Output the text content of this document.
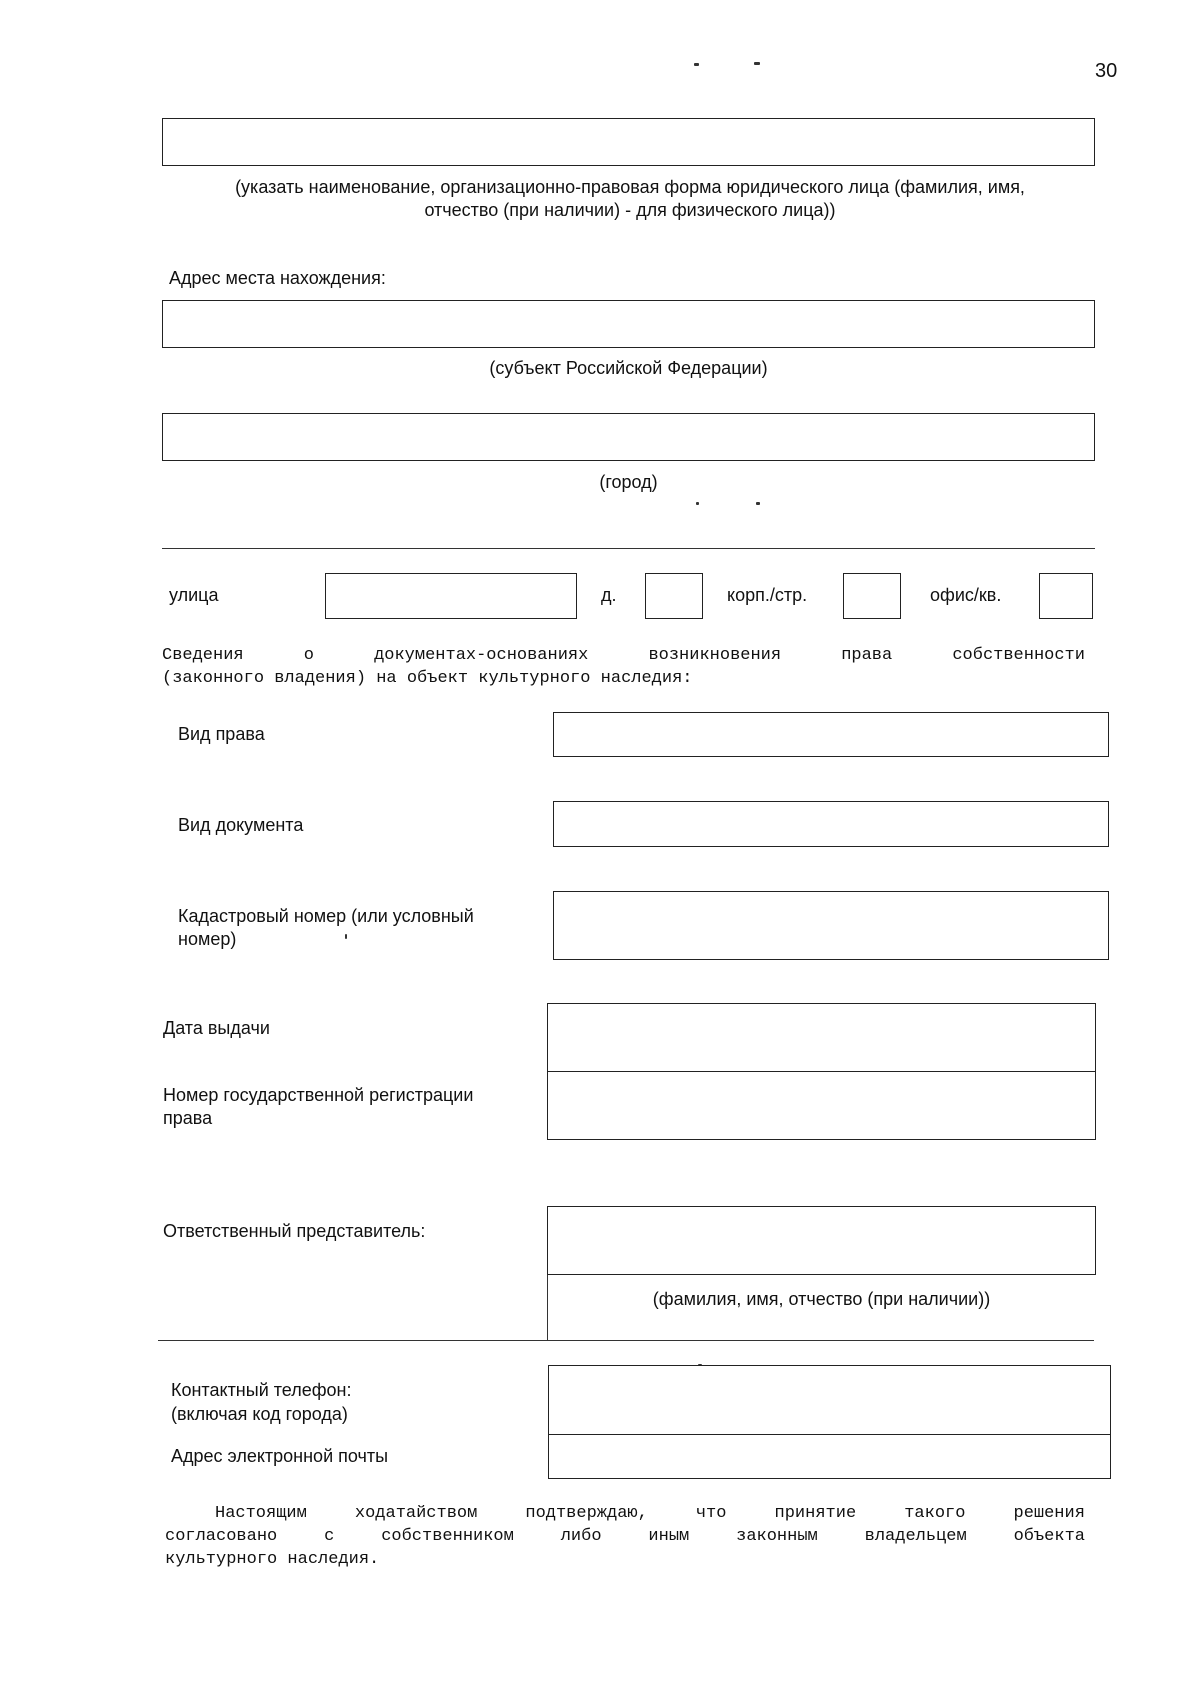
30
(указать наименование, организационно-правовая форма юридического лица (фамилия, имя,
отчество (при наличии) - для физического лица))
Адрес места нахождения:
(субъект Российской Федерации)
(город)
улица	д.	корп./стр.	офис/кв.
Сведения	о	документах-основаниях	возникновения	права	собственности
(законного владения) на объект культурного наследия:
Вид права
Вид документа
Кадастровый номер (или условный
номер)
Дата выдачи
Номер государственной регистрации
права
Ответственный представитель:
(фамилия, имя, отчество (при наличии))
Контактный телефон:
(включая код города)
Адрес электронной почты
Настоящим	ходатайством	подтверждаю,	что	принятие	такого	решения
согласовано	с	собственником	либо	иным	законным	владельцем	объекта
культурного наследия.
